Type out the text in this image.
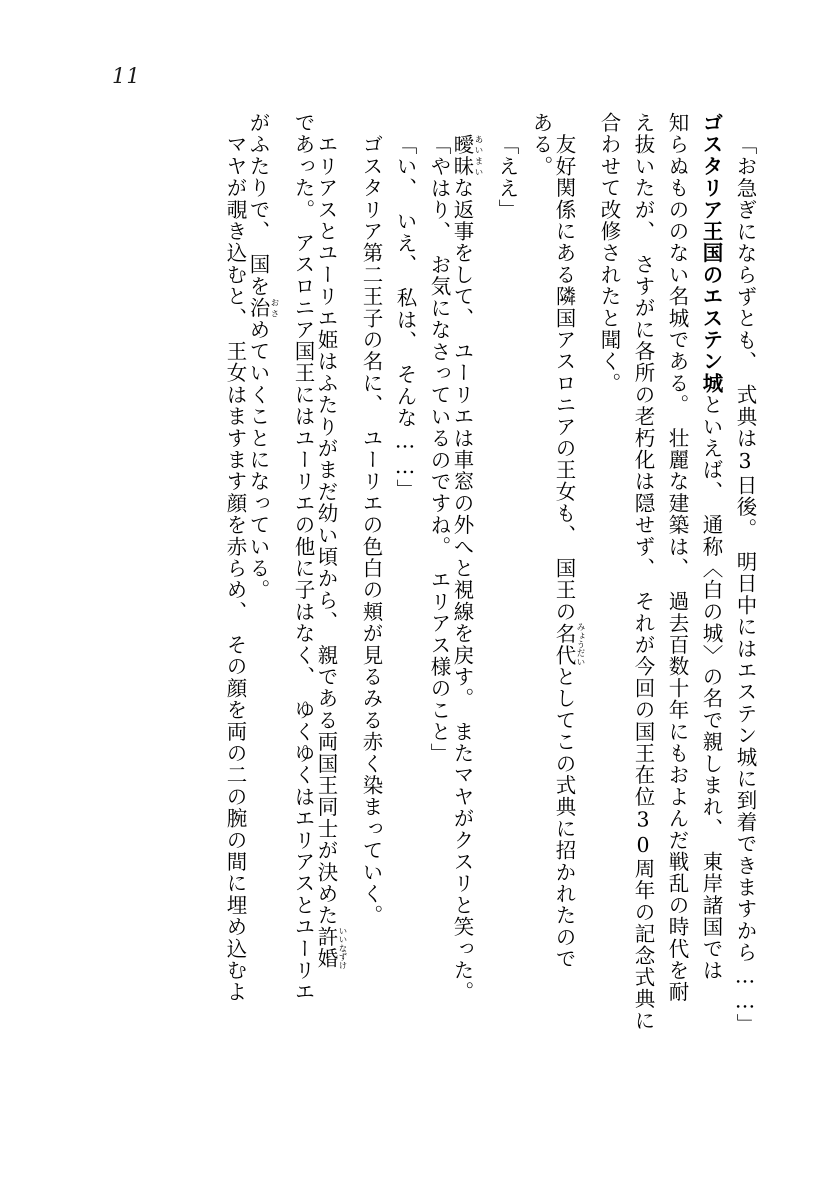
11
「お急ぎにならずとも、　式典は3日後。　明日中にはエステン城に到着できますから……」
ゴスタリア王国のエステン城といえば、　通称〈白の城〉の名で親しまれ、　東岸諸国では
知らぬもののない名城である。　壮麗な建築は、　過去百数十年にもおよんだ戦乱の時代を耐
え抜いたが、　さすがに各所の老朽化は隠せず、　それが今回の国王在位30周年の記念式典に
合わせて改修されたと聞く。
　友好関係にある隣国アスロニアの王女も、　国王の名代 みょうだいとしてこの式典に招かれたので
ある。
「ええ」
　曖昧 あいまいな返事をして、　ユーリエは車窓の外へと視線を戻す。　またマヤがクスリと笑った。
「やはり、　お気になさっているのですね。　エリアス様のこと」
「い、　いえ、　私は、　そんな……」
　ゴスタリア第二王子の名に、　ユーリエの色白の頬が見るみる赤く染まっていく。
　エリアスとユーリエ姫はふたりがまだ幼い頃から、　親である両国王同士が決めた許婚 いいなずけ
であった。　アスロニア国王にはユーリエの他に子はなく、　ゆくゆくはエリアスとユーリエ
がふたりで、　国を治 おさめていくことになっている。
　マヤが覗き込むと、　王女はますます顔を赤らめ、　その顔を両の二の腕の間に埋め込むよ
